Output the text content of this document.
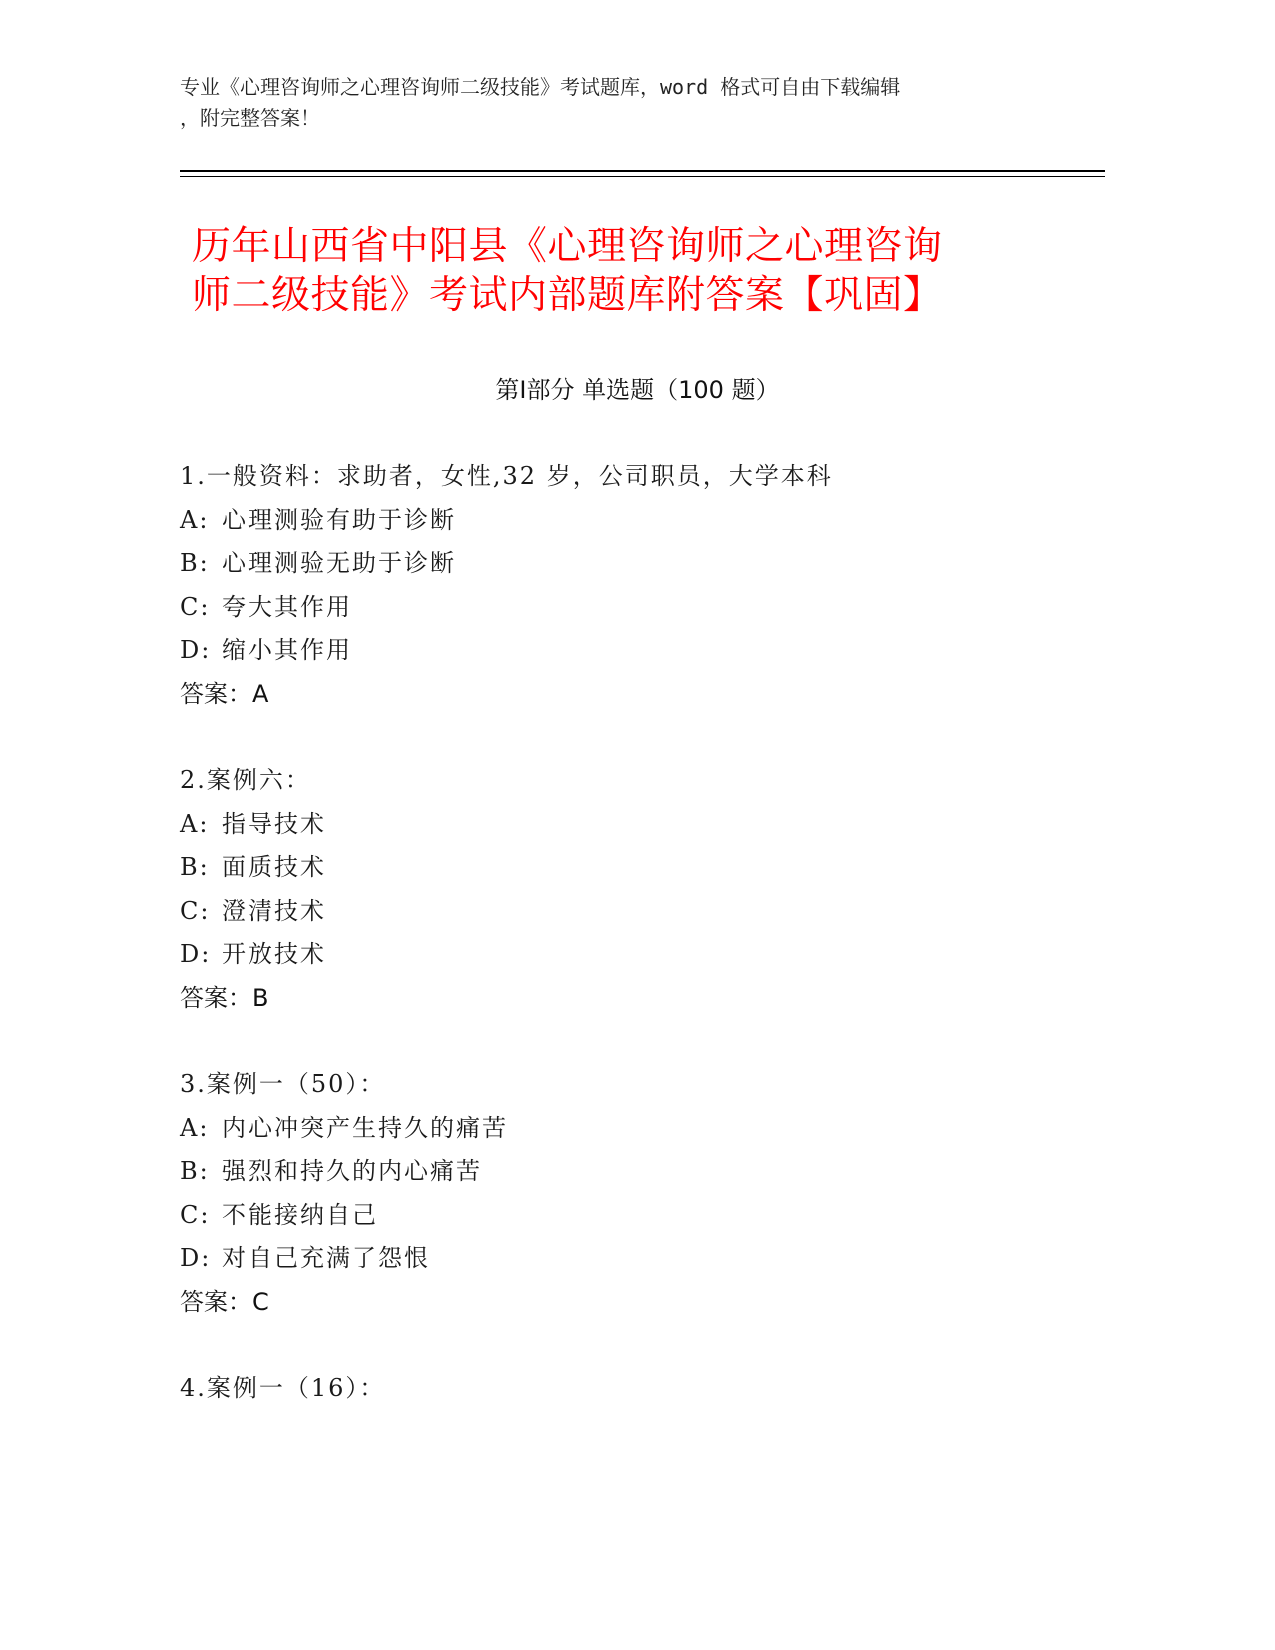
专业《心理咨询师之心理咨询师二级技能》考试题库，word 格式可自由下载编辑
，附完整答案！
历年山西省中阳县《心理咨询师之心理咨询
师二级技能》考试内部题库附答案【巩固】
第Ⅰ部分 单选题（100 题）
1.一般资料：求助者，女性,32 岁，公司职员，大学本科
A: 心理测验有助于诊断
B: 心理测验无助于诊断
C: 夸大其作用
D: 缩小其作用
答案：A
2.案例六：
A: 指导技术
B: 面质技术
C: 澄清技术
D: 开放技术
答案：B
3.案例一（50）：
A: 内心冲突产生持久的痛苦
B: 强烈和持久的内心痛苦
C: 不能接纳自己
D: 对自己充满了怨恨
答案：C
4.案例一（16）：
